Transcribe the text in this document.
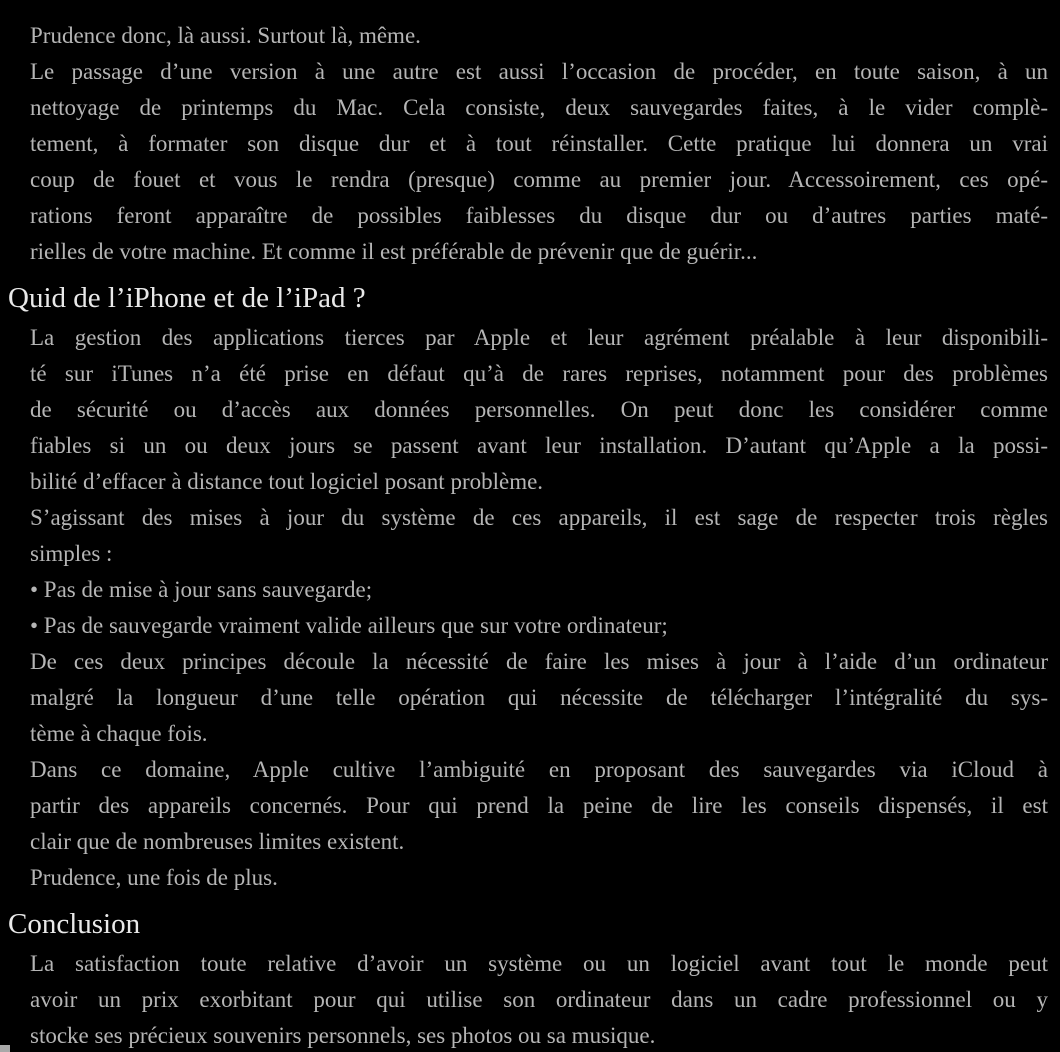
Prudence donc, là aussi. Surtout là, même.
Le passage d’une version à une autre est aussi l’occasion de procéder, en toute saison, à un
nettoyage de printemps du Mac. Cela consiste, deux sauvegardes faites, à le vider complè-
tement, à formater son disque dur et à tout réinstaller. Cette pratique lui donnera un vrai
coup de fouet et vous le rendra (presque) comme au premier jour. Accessoirement, ces opé-
rations feront apparaître de possibles faiblesses du disque dur ou d’autres parties maté-
rielles de votre machine. Et comme il est préférable de prévenir que de guérir...
Quid de l’iPhone et de l’iPad ?
La gestion des applications tierces par Apple et leur agrément préalable à leur disponibili-
té sur iTunes n’a été prise en défaut qu’à de rares reprises, notamment pour des problèmes
de sécurité ou d’accès aux données personnelles. On peut donc les considérer comme
fiables si un ou deux jours se passent avant leur installation. D’autant qu’Apple a la possi-
bilité d’effacer à distance tout logiciel posant problème.
S’agissant des mises à jour du système de ces appareils, il est sage de respecter trois règles
simples :
• Pas de mise à jour sans sauvegarde;
• Pas de sauvegarde vraiment valide ailleurs que sur votre ordinateur;
De ces deux principes découle la nécessité de faire les mises à jour à l’aide d’un ordinateur
malgré la longueur d’une telle opération qui nécessite de télécharger l’intégralité du sys-
tème à chaque fois.
Dans ce domaine, Apple cultive l’ambiguité en proposant des sauvegardes via iCloud à
partir des appareils concernés. Pour qui prend la peine de lire les conseils dispensés, il est
clair que de nombreuses limites existent.
Prudence, une fois de plus.
Conclusion
La satisfaction toute relative d’avoir un système ou un logiciel avant tout le monde peut
avoir un prix exorbitant pour qui utilise son ordinateur dans un cadre professionnel ou y
stocke ses précieux souvenirs personnels, ses photos ou sa musique.
